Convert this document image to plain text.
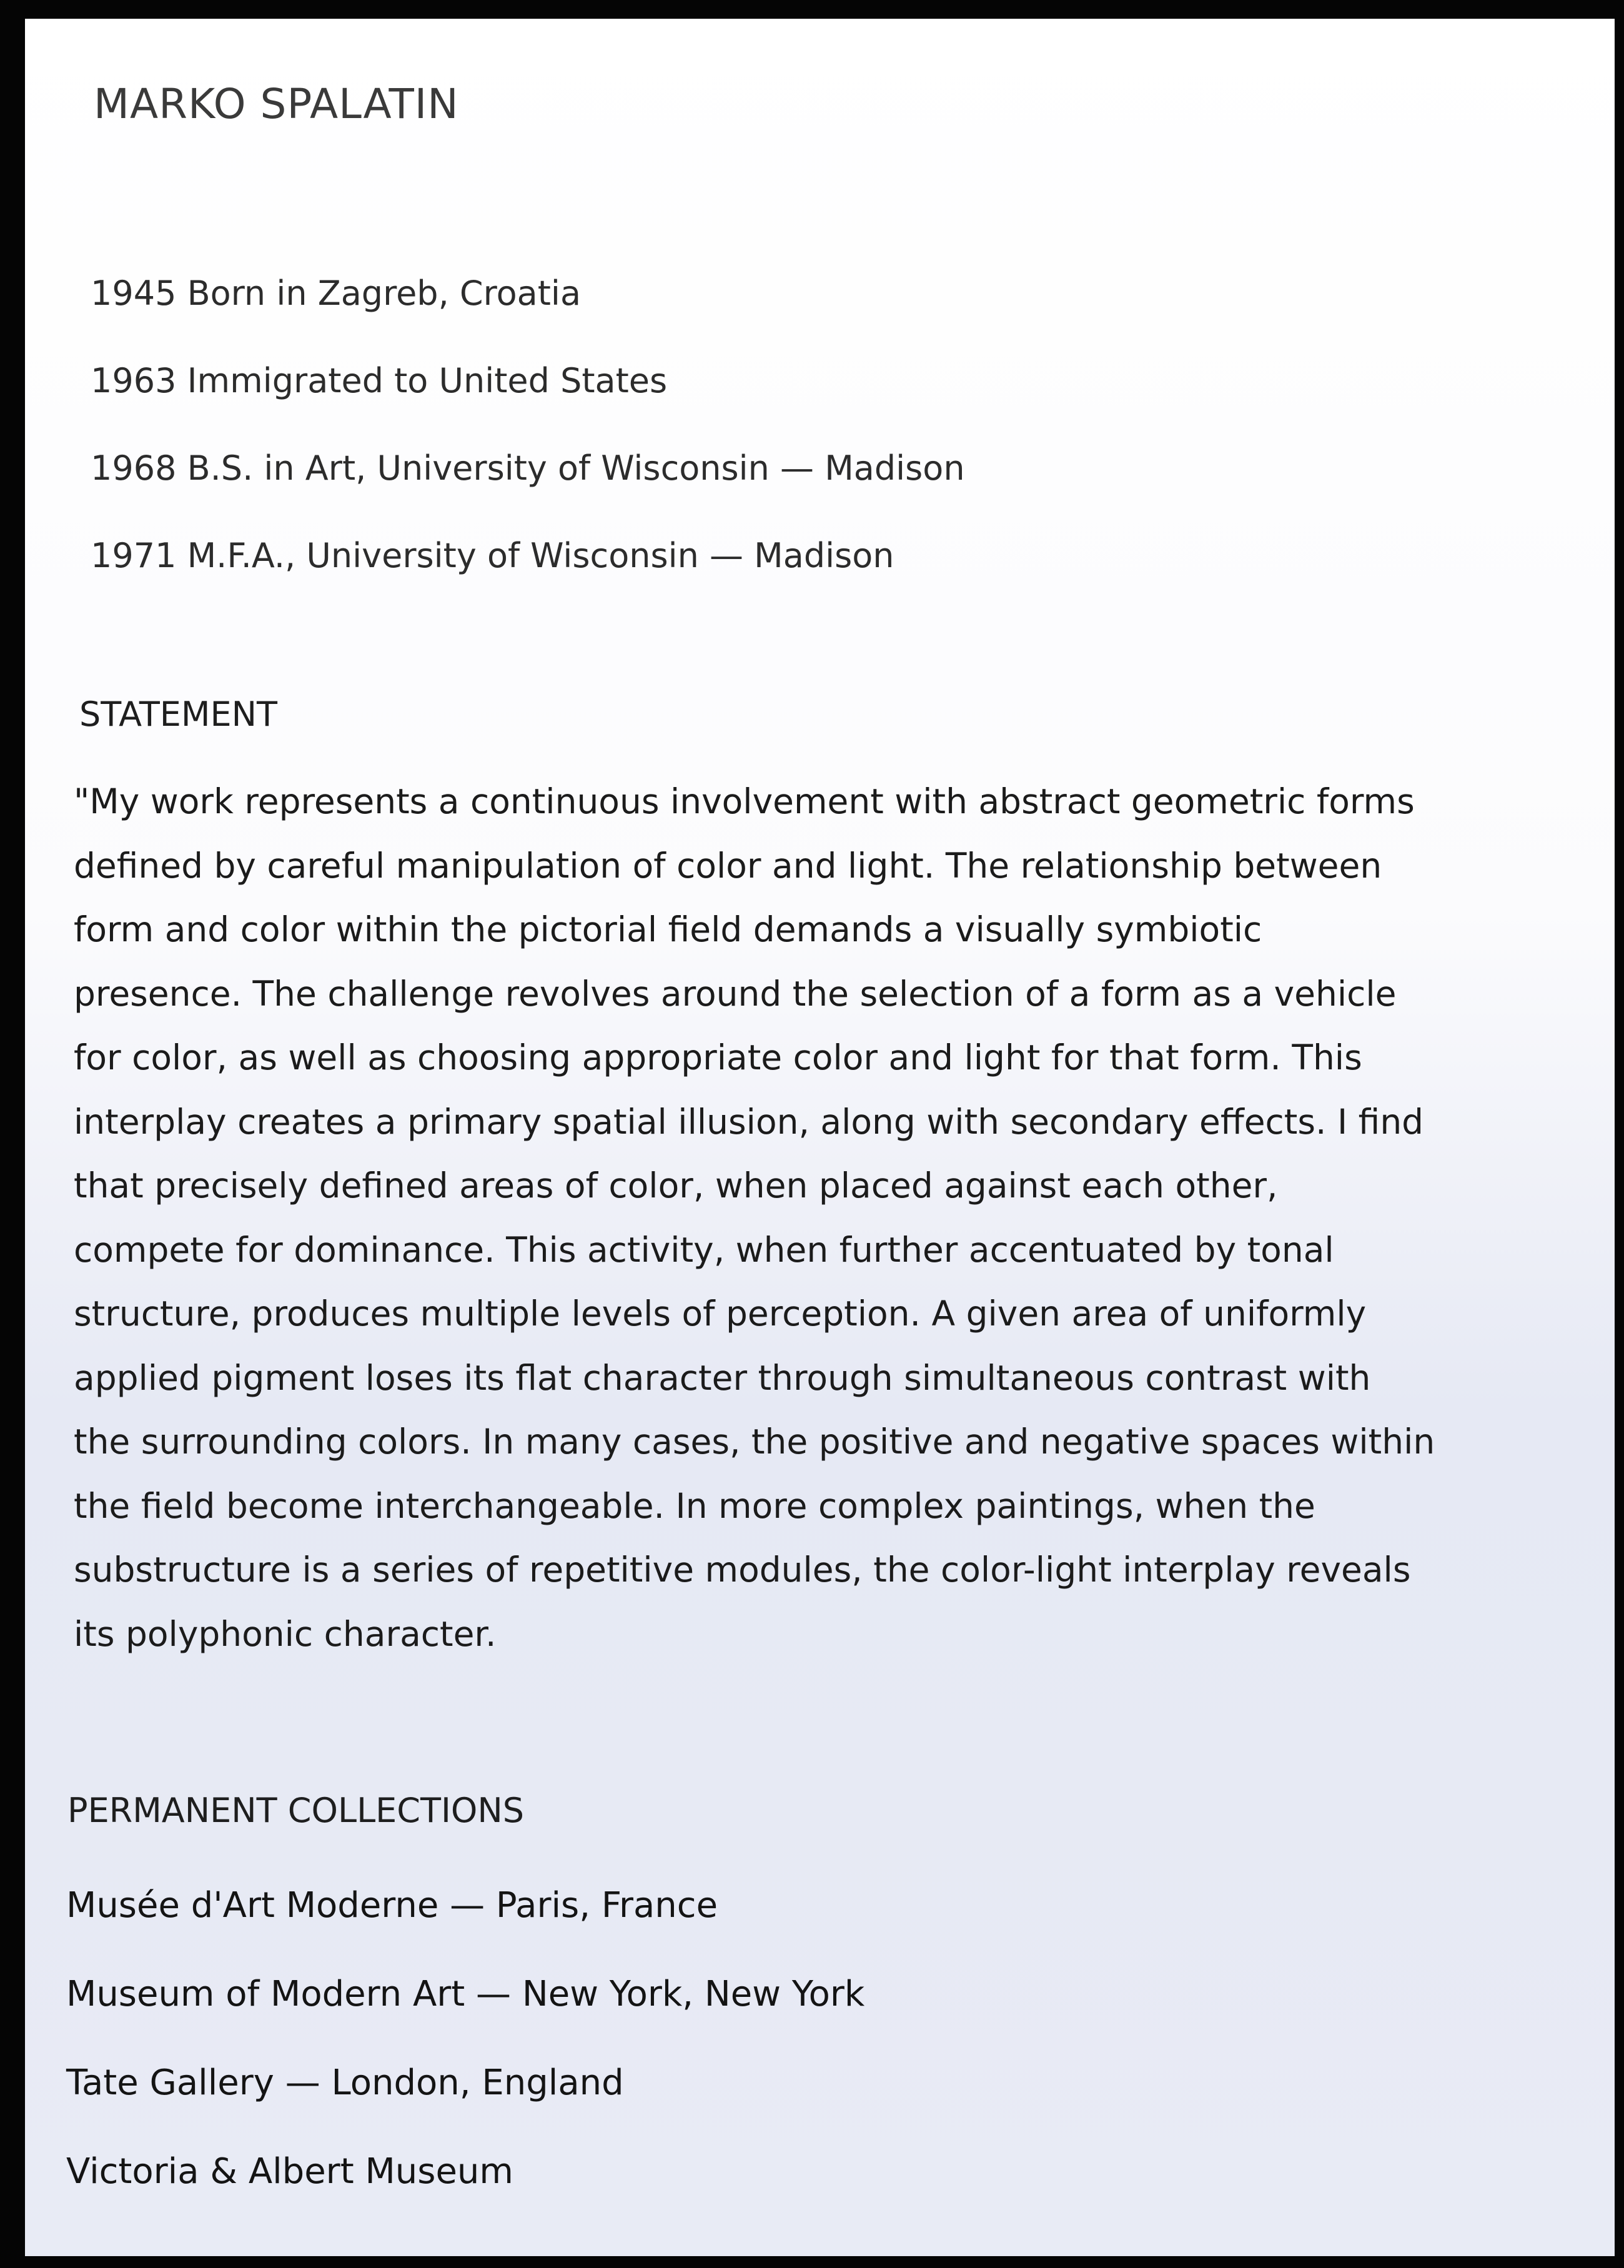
MARKO SPALATIN
1945 Born in Zagreb, Croatia
1963 Immigrated to United States
1968 B.S. in Art, University of Wisconsin — Madison
1971 M.F.A., University of Wisconsin — Madison
STATEMENT

"My work represents a continuous involvement with abstract geometric forms
defined by careful manipulation of color and light. The relationship between
form and color within the pictorial field demands a visually symbiotic
presence. The challenge revolves around the selection of a form as a vehicle
for color, as well as choosing appropriate color and light for that form. This
interplay creates a primary spatial illusion, along with secondary effects. I find
that precisely defined areas of color, when placed against each other,
compete for dominance. This activity, when further accentuated by tonal
structure, produces multiple levels of perception. A given area of uniformly
applied pigment loses its flat character through simultaneous contrast with
the surrounding colors. In many cases, the positive and negative spaces within
the field become interchangeable. In more complex paintings, when the
substructure is a series of repetitive modules, the color-light interplay reveals
its polyphonic character.

PERMANENT COLLECTIONS
Musée d'Art Moderne — Paris, France
Museum of Modern Art — New York, New York
Tate Gallery — London, England
Victoria & Albert Museum
